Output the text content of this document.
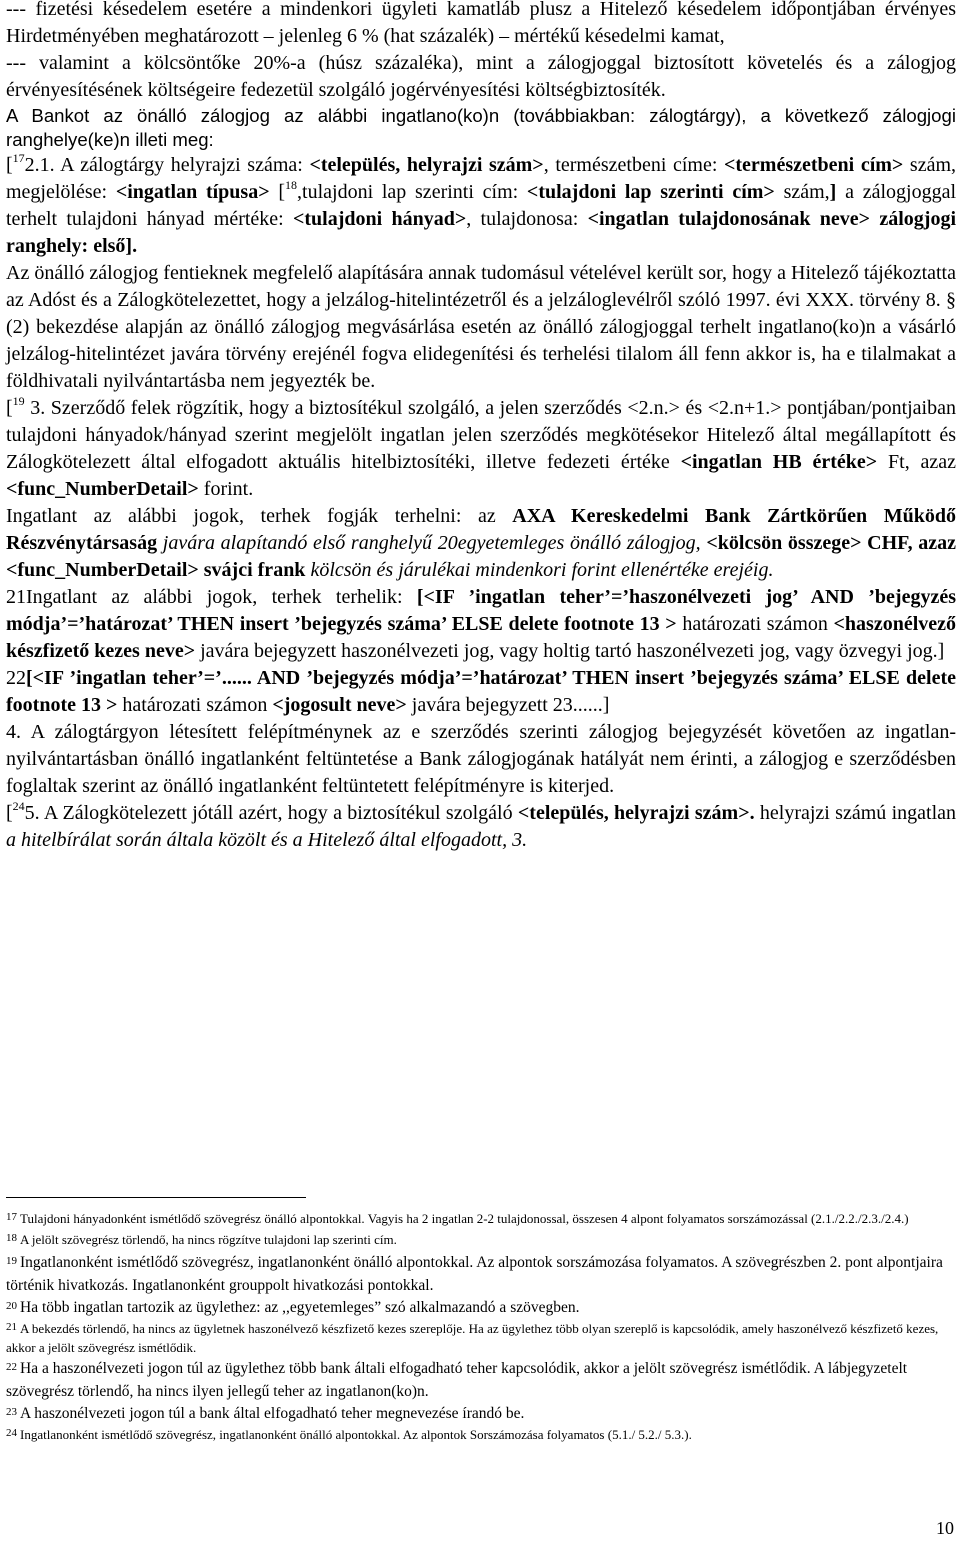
--- fizetési késedelem esetére a mindenkori ügyleti kamatláb plusz a Hitelező késedelem időpontjában érvényes Hirdetményében meghatározott – jelenleg 6 % (hat százalék) – mértékű késedelmi kamat,

--- valamint a kölcsöntőke 20%-a (húsz százaléka), mint a zálogjoggal biztosított követelés és a zálogjog érvényesítésének költségeire fedezetül szolgáló jogérvényesítési költségbiztosíték.

A Bankot az önálló zálogjog az alábbi ingatlano(ko)n (továbbiakban: zálogtárgy), a következő zálogjogi ranghelye(ke)n illeti meg:

[$^{17}$2.1. A zálogtárgy helyrajzi száma: <település, helyrajzi szám>, természetbeni címe: <természetbeni cím> szám, megjelölése: <ingatlan típusa> [$^{18}$,tulajdoni lap szerinti cím: <tulajdoni lap szerinti cím> szám,] a zálogjoggal terhelt tulajdoni hányad mértéke: <tulajdoni hányad>, tulajdonosa: <ingatlan tulajdonosának neve> zálogjogi ranghely: első].

Az önálló zálogjog fentieknek megfelelő alapítására annak tudomásul vételével került sor, hogy a Hitelező tájékoztatta az Adóst és a Zálogkötelezettet, hogy a jelzálog-hitelintézetről és a jelzáloglevélről szóló 1997. évi XXX. törvény 8. § (2) bekezdése alapján az önálló zálogjog megvásárlása esetén az önálló zálogjoggal terhelt ingatlano(ko)n a vásárló jelzálog-hitelintézet javára törvény erejénél fogva elidegenítési és terhelési tilalom áll fenn akkor is, ha e tilalmakat a földhivatali nyilvántartásba nem jegyezték be.

[$^{19}$ 3. Szerződő felek rögzítik, hogy a biztosítékul szolgáló, a jelen szerződés <2.n.> és <2.n+1.> pontjában/pontjaiban tulajdoni hányadok/hányad szerint megjelölt ingatlan jelen szerződés megkötésekor Hitelező által megállapított és Zálogkötelezett által elfogadott aktuális hitelbiztosítéki, illetve fedezeti értéke <ingatlan HB értéke> Ft, azaz <func_NumberDetail> forint.

Ingatlant az alábbi jogok, terhek fogják terhelni: az AXA Kereskedelmi Bank Zártkörűen Működő Részvénytársaság javára alapítandó első ranghelyű 20egyetemleges önálló zálogjog, <kölcsön összege> CHF, azaz <func_NumberDetail> svájci frank kölcsön és járulékai mindenkori forint ellenértéke erejéig.

21Ingatlant az alábbi jogok, terhek terhelik: [<IF ’ingatlan teher’=’haszonélvezeti jog’ AND ’bejegyzés módja’=’határozat’ THEN insert ’bejegyzés száma’ ELSE delete footnote 13 > határozati számon <haszonélvező készfizető kezes neve> javára bejegyzett haszonélvezeti jog, vagy holtig tartó haszonélvezeti jog, vagy özvegyi jog.]

22[<IF ’ingatlan teher’=’...... AND ’bejegyzés módja’=’határozat’ THEN insert ’bejegyzés száma’ ELSE delete footnote 13 > határozati számon <jogosult neve> javára bejegyzett 23......]

4. A zálogtárgyon létesített felépítménynek az e szerződés szerinti zálogjog bejegyzését követően az ingatlan-nyilvántartásban önálló ingatlanként feltüntetése a Bank zálogjogának hatályát nem érinti, a zálogjog e szerződésben foglaltak szerint az önálló ingatlanként feltüntetett felépítményre is kiterjed.

[$^{24}$5. A Zálogkötelezett jótáll azért, hogy a biztosítékul szolgáló <település, helyrajzi szám>. helyrajzi számú ingatlan a hitelbírálat során általa közölt és a Hitelező által elfogadott, 3.

$^{17}$ Tulajdoni hányadonként ismétlődő szövegrész önálló alpontokkal. Vagyis ha 2 ingatlan 2-2 tulajdonossal, összesen 4 alpont folyamatos sorszámozással (2.1./2.2./2.3./2.4.)

$^{18}$ A jelölt szövegrész törlendő, ha nincs rögzítve tulajdoni lap szerinti cím.

19 Ingatlanonként ismétlődő szövegrész, ingatlanonként önálló alpontokkal. Az alpontok sorszámozása folyamatos. A szövegrészben 2. pont alpontjaira történik hivatkozás. Ingatlanonként grouppolt hivatkozási pontokkal.

20 Ha több ingatlan tartozik az ügylethez: az ,,egyetemleges” szó alkalmazandó a szövegben.

$^{21}$ A bekezdés törlendő, ha nincs az ügyletnek haszonélvező készfizető kezes szereplője. Ha az ügylethez több olyan szereplő is kapcsolódik, amely haszonélvező készfizető kezes, akkor a jelölt szövegrész ismétlődik.

22 Ha a haszonélvezeti jogon túl az ügylethez több bank általi elfogadható teher kapcsolódik, akkor a jelölt szövegrész ismétlődik. A lábjegyzetelt szövegrész törlendő, ha nincs ilyen jellegű teher az ingatlanon(ko)n.

23 A haszonélvezeti jogon túl a bank által elfogadható teher megnevezése írandó be.

$^{24}$ Ingatlanonként ismétlődő szövegrész, ingatlanonként önálló alpontokkal. Az alpontok Sorszámozása folyamatos (5.1./ 5.2./ 5.3.).

10
